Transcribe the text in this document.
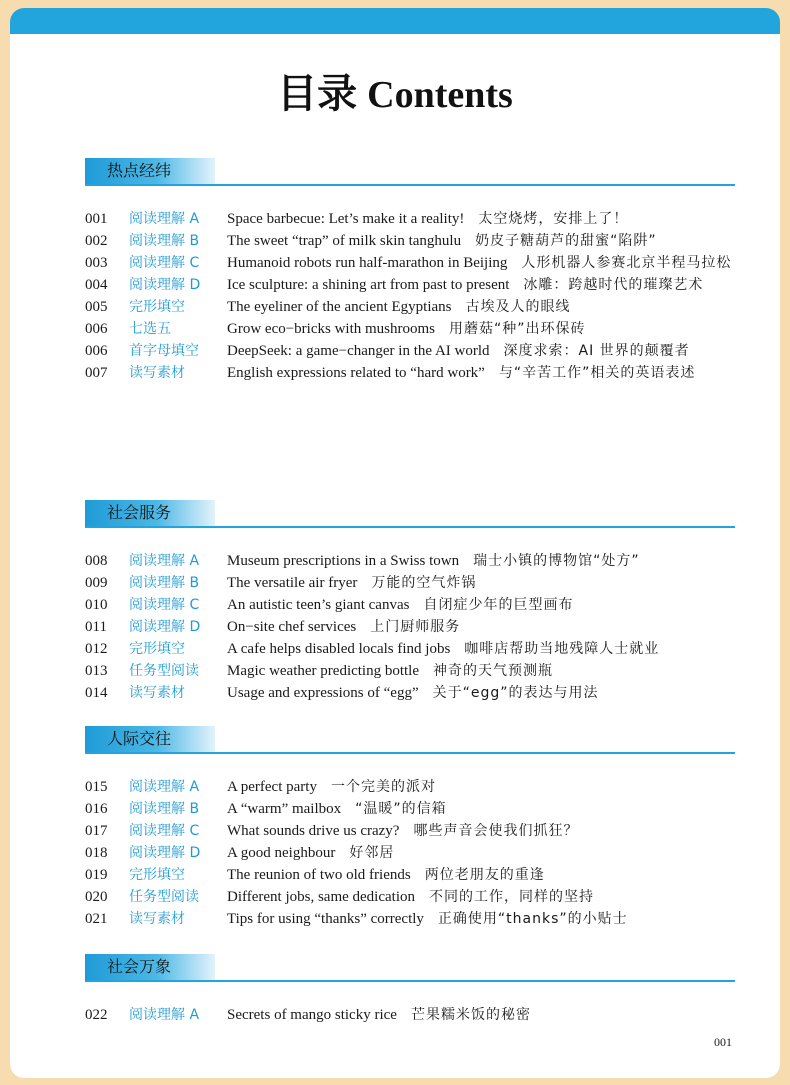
目录 Contents
热点经纬
001	阅读理解 A	Space barbecue: Let’s make it a reality! 太空烧烤，安排上了！
002	阅读理解 B	The sweet “trap” of milk skin tanghulu 奶皮子糖葫芦的甜蜜“陷阱”
003	阅读理解 C	Humanoid robots run half-marathon in Beijing 人形机器人参赛北京半程马拉松
004	阅读理解 D	Ice sculpture: a shining art from past to present 冰雕：跨越时代的璀璨艺术
005	完形填空	The eyeliner of the ancient Egyptians 古埃及人的眼线
006	七选五	Grow eco−bricks with mushrooms 用蘑菇“种”出环保砖
006	首字母填空	DeepSeek: a game−changer in the AI world 深度求索：AI 世界的颠覆者
007	读写素材	English expressions related to “hard work” 与“辛苦工作”相关的英语表述
社会服务
008	阅读理解 A	Museum prescriptions in a Swiss town 瑞士小镇的博物馆“处方”
009	阅读理解 B	The versatile air fryer 万能的空气炸锅
010	阅读理解 C	An autistic teen’s giant canvas 自闭症少年的巨型画布
011	阅读理解 D	On−site chef services 上门厨师服务
012	完形填空	A cafe helps disabled locals find jobs 咖啡店帮助当地残障人士就业
013	任务型阅读	Magic weather predicting bottle 神奇的天气预测瓶
014	读写素材	Usage and expressions of “egg” 关于“egg”的表达与用法
人际交往
015	阅读理解 A	A perfect party 一个完美的派对
016	阅读理解 B	A “warm” mailbox “温暖”的信箱
017	阅读理解 C	What sounds drive us crazy? 哪些声音会使我们抓狂？
018	阅读理解 D	A good neighbour 好邻居
019	完形填空	The reunion of two old friends 两位老朋友的重逢
020	任务型阅读	Different jobs, same dedication 不同的工作，同样的坚持
021	读写素材	Tips for using “thanks” correctly 正确使用“thanks”的小贴士
社会万象
022	阅读理解 A	Secrets of mango sticky rice 芒果糯米饭的秘密
001
